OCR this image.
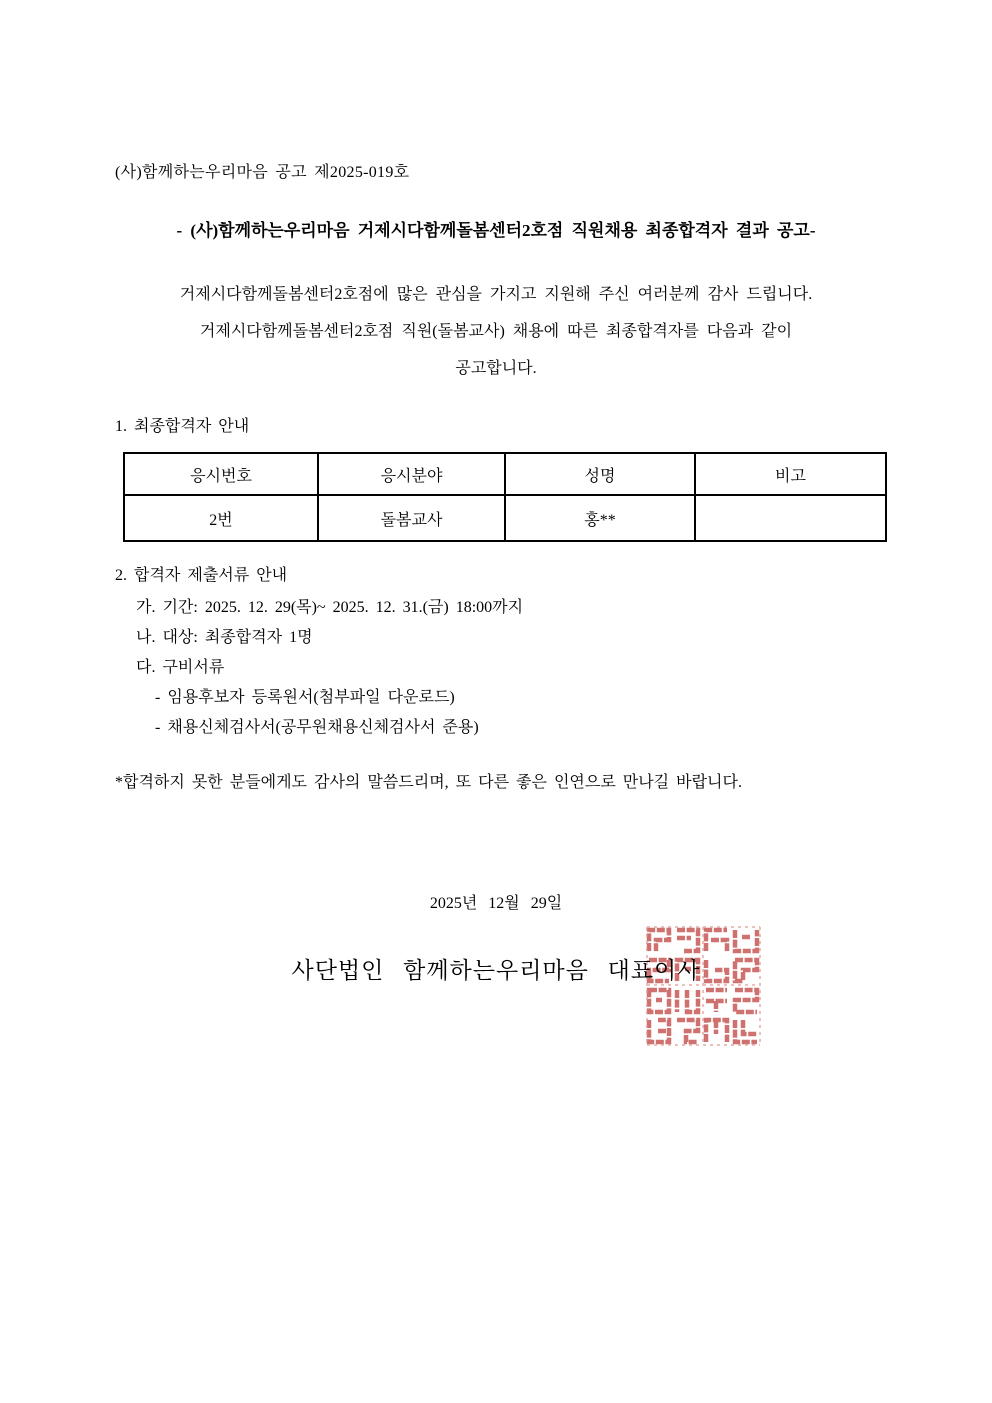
(사)함께하는우리마음 공고 제2025-019호
- (사)함께하는우리마음 거제시다함께돌봄센터2호점 직원채용 최종합격자 결과 공고-
거제시다함께돌봄센터2호점에 많은 관심을 가지고 지원해 주신 여러분께 감사 드립니다.
거제시다함께돌봄센터2호점 직원(돌봄교사) 채용에 따른 최종합격자를 다음과 같이
공고합니다.
1. 최종합격자 안내
응시번호	응시분야	성명	비고
2번	돌봄교사	홍**	
2. 합격자 제출서류 안내
가. 기간: 2025. 12. 29(목)~ 2025. 12. 31.(금) 18:00까지
나. 대상: 최종합격자 1명
다. 구비서류
- 임용후보자 등록원서(첨부파일 다운로드)
- 채용신체검사서(공무원채용신체검사서 준용)
*합격하지 못한 분들에게도 감사의 말씀드리며, 또 다른 좋은 인연으로 만나길 바랍니다.
2025년 12월 29일
사단법인 함께하는우리마음 대표이사
